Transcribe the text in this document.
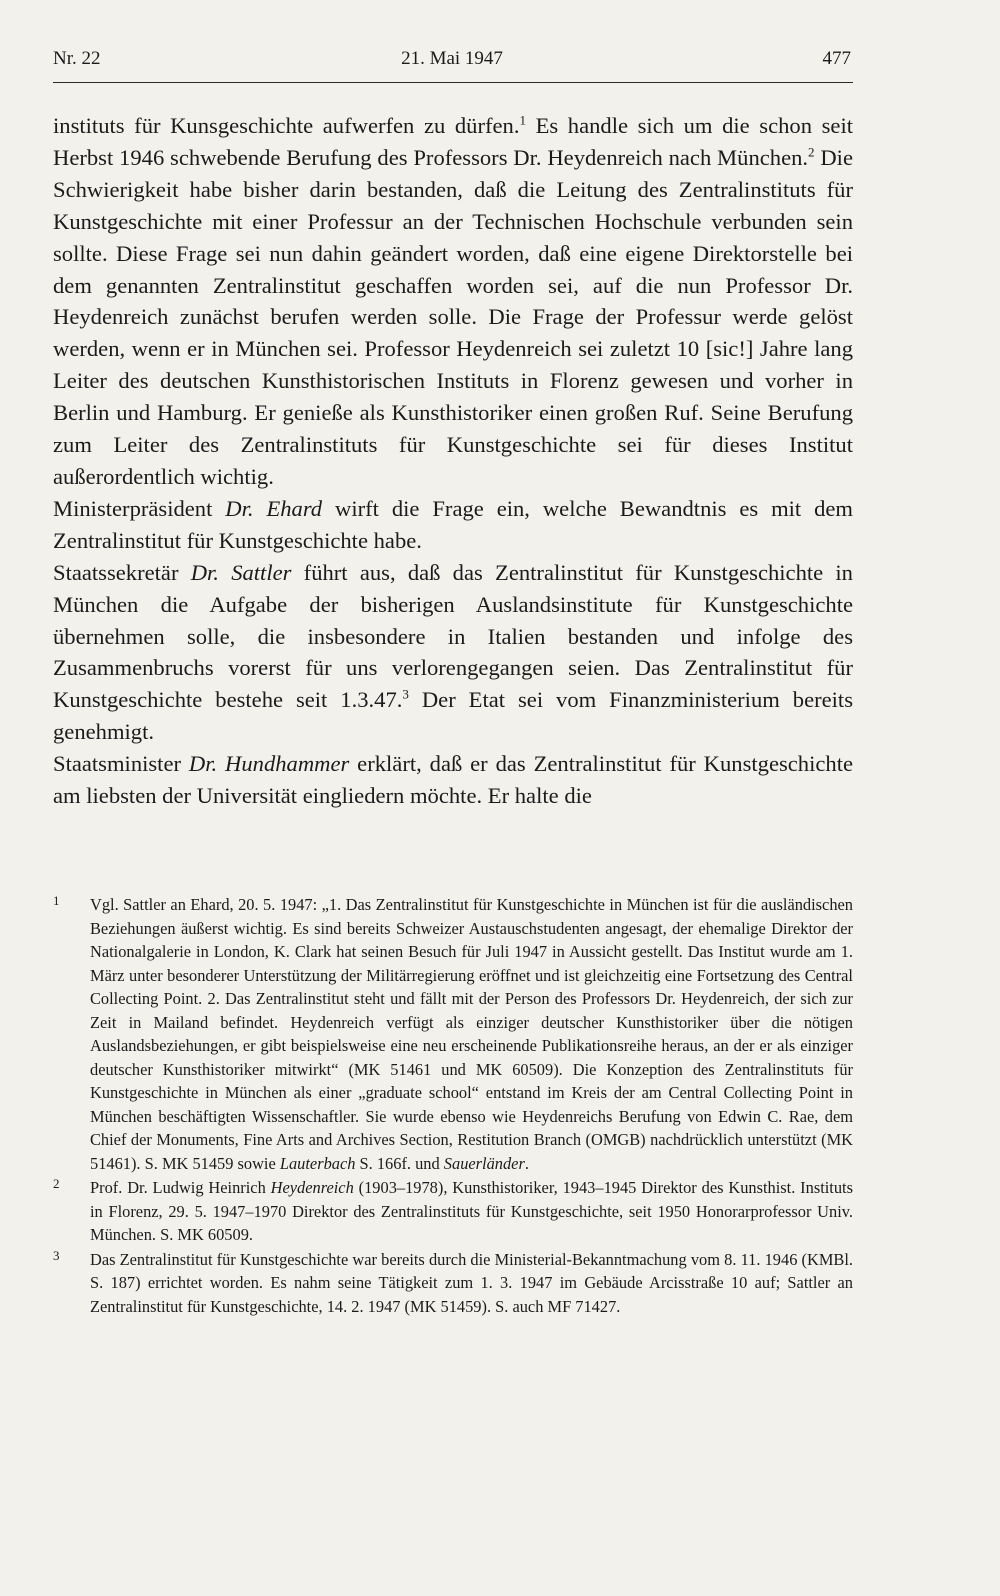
Nr. 22	21. Mai 1947	477

instituts für Kunsgeschichte aufwerfen zu dürfen.$^1$ Es handle sich um die schon seit Herbst 1946 schwebende Berufung des Professors Dr. Heydenreich nach München.$^2$ Die Schwierigkeit habe bisher darin bestanden, daß die Leitung des Zentralinstituts für Kunstgeschichte mit einer Professur an der Technischen Hochschule verbunden sein sollte. Diese Frage sei nun dahin geändert worden, daß eine eigene Direktorstelle bei dem genannten Zentralinstitut geschaffen worden sei, auf die nun Professor Dr. Heydenreich zunächst berufen werden solle. Die Frage der Professur werde gelöst werden, wenn er in München sei. Professor Heydenreich sei zuletzt 10 [sic!] Jahre lang Leiter des deutschen Kunsthistorischen Instituts in Florenz gewesen und vorher in Berlin und Hamburg. Er genieße als Kunsthistoriker einen großen Ruf. Seine Berufung zum Leiter des Zentralinstituts für Kunstgeschichte sei für dieses Institut außerordentlich wichtig.

Ministerpräsident Dr. Ehard wirft die Frage ein, welche Bewandtnis es mit dem Zentralinstitut für Kunstgeschichte habe.

Staatssekretär Dr. Sattler führt aus, daß das Zentralinstitut für Kunstgeschichte in München die Aufgabe der bisherigen Auslandsinstitute für Kunstgeschichte übernehmen solle, die insbesondere in Italien bestanden und infolge des Zusammenbruchs vorerst für uns verlorengegangen seien. Das Zentralinstitut für Kunstgeschichte bestehe seit 1.3.47.$^3$ Der Etat sei vom Finanzministerium bereits genehmigt.

Staatsminister Dr. Hundhammer erklärt, daß er das Zentralinstitut für Kunstgeschichte am liebsten der Universität eingliedern möchte. Er halte die

1 Vgl. Sattler an Ehard, 20. 5. 1947: „1. Das Zentralinstitut für Kunstgeschichte in München ist für die ausländischen Beziehungen äußerst wichtig. Es sind bereits Schweizer Austauschstudenten angesagt, der ehemalige Direktor der Nationalgalerie in London, K. Clark hat seinen Besuch für Juli 1947 in Aussicht gestellt. Das Institut wurde am 1. März unter besonderer Unterstützung der Militärregierung eröffnet und ist gleichzeitig eine Fortsetzung des Central Collecting Point. 2. Das Zentralinstitut steht und fällt mit der Person des Professors Dr. Heydenreich, der sich zur Zeit in Mailand befindet. Heydenreich verfügt als einziger deutscher Kunsthistoriker über die nötigen Auslandsbeziehungen, er gibt beispielsweise eine neu erscheinende Publikationsreihe heraus, an der er als einziger deutscher Kunsthistoriker mitwirkt“ (MK 51461 und MK 60509). Die Konzeption des Zentralinstituts für Kunstgeschichte in München als einer „graduate school“ entstand im Kreis der am Central Collecting Point in München beschäftigten Wissenschaftler. Sie wurde ebenso wie Heydenreichs Berufung von Edwin C. Rae, dem Chief der Monuments, Fine Arts and Archives Section, Restitution Branch (OMGB) nachdrücklich unterstützt (MK 51461). S. MK 51459 sowie Lauterbach S. 166f. und Sauerländer.
2 Prof. Dr. Ludwig Heinrich Heydenreich (1903–1978), Kunsthistoriker, 1943–1945 Direktor des Kunsthist. Instituts in Florenz, 29. 5. 1947–1970 Direktor des Zentralinstituts für Kunstgeschichte, seit 1950 Honorarprofessor Univ. München. S. MK 60509.
3 Das Zentralinstitut für Kunstgeschichte war bereits durch die Ministerial-Bekanntmachung vom 8. 11. 1946 (KMBl. S. 187) errichtet worden. Es nahm seine Tätigkeit zum 1. 3. 1947 im Gebäude Arcisstraße 10 auf; Sattler an Zentralinstitut für Kunstgeschichte, 14. 2. 1947 (MK 51459). S. auch MF 71427.
